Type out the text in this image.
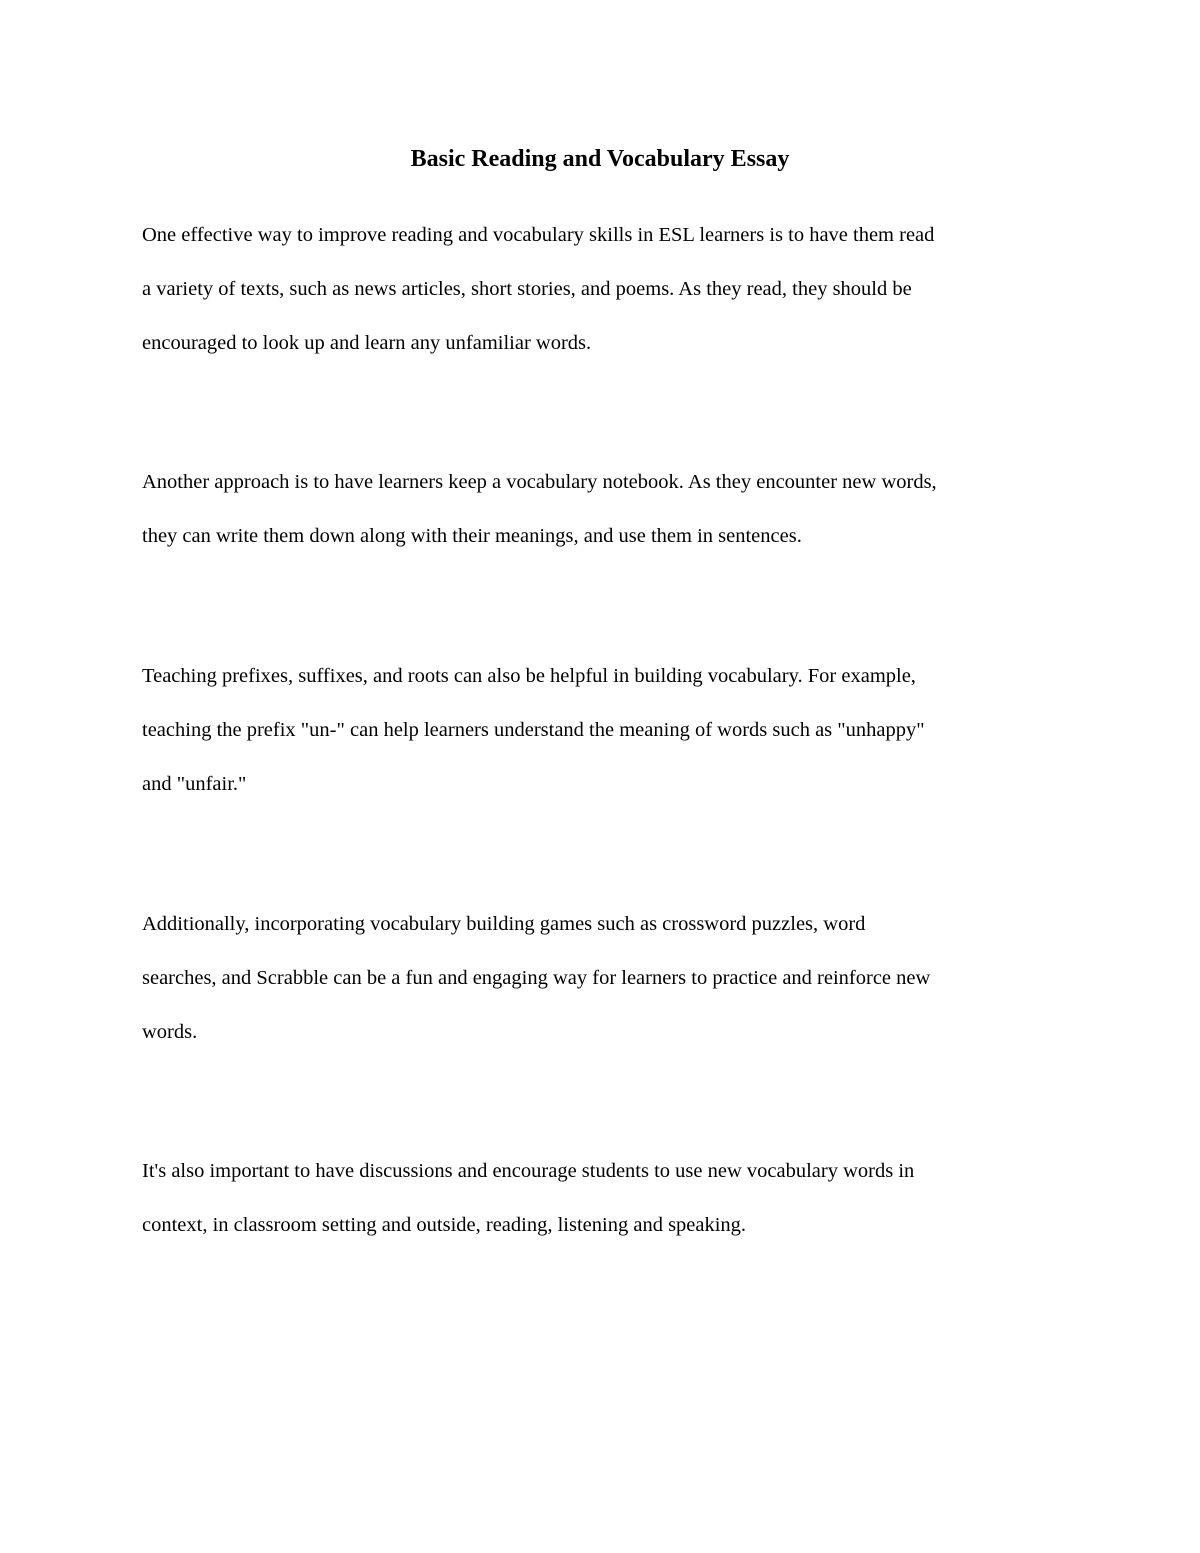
Basic Reading and Vocabulary Essay

One effective way to improve reading and vocabulary skills in ESL learners is to have them read
a variety of texts, such as news articles, short stories, and poems. As they read, they should be
encouraged to look up and learn any unfamiliar words.

Another approach is to have learners keep a vocabulary notebook. As they encounter new words,
they can write them down along with their meanings, and use them in sentences.

Teaching prefixes, suffixes, and roots can also be helpful in building vocabulary. For example,
teaching the prefix "un-" can help learners understand the meaning of words such as "unhappy"
and "unfair."

Additionally, incorporating vocabulary building games such as crossword puzzles, word
searches, and Scrabble can be a fun and engaging way for learners to practice and reinforce new
words.

It's also important to have discussions and encourage students to use new vocabulary words in
context, in classroom setting and outside, reading, listening and speaking.
